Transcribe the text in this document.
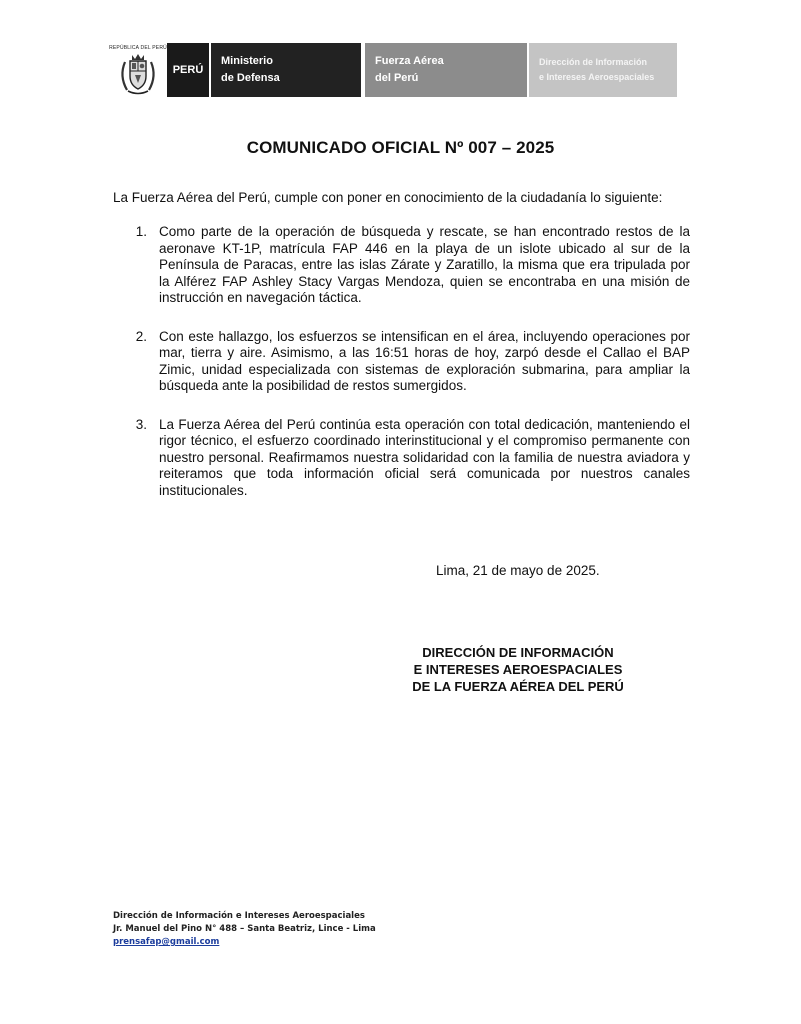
REPÚBLICA DEL PERÚ
PERÚ
Ministerio
de Defensa
Fuerza Aérea
del Perú
Dirección de Información
e Intereses Aeroespaciales
COMUNICADO OFICIAL Nº 007 – 2025
La Fuerza Aérea del Perú, cumple con poner en conocimiento de la ciudadanía lo siguiente:
1. Como parte de la operación de búsqueda y rescate, se han encontrado restos de la aeronave KT-1P, matrícula FAP 446 en la playa de un islote ubicado al sur de la Península de Paracas, entre las islas Zárate y Zaratillo, la misma que era tripulada por la Alférez FAP Ashley Stacy Vargas Mendoza, quien se encontraba en una misión de instrucción en navegación táctica.
2. Con este hallazgo, los esfuerzos se intensifican en el área, incluyendo operaciones por mar, tierra y aire. Asimismo, a las 16:51 horas de hoy, zarpó desde el Callao el BAP Zimic, unidad especializada con sistemas de exploración submarina, para ampliar la búsqueda ante la posibilidad de restos sumergidos.
3. La Fuerza Aérea del Perú continúa esta operación con total dedicación, manteniendo el rigor técnico, el esfuerzo coordinado interinstitucional y el compromiso permanente con nuestro personal. Reafirmamos nuestra solidaridad con la familia de nuestra aviadora y reiteramos que toda información oficial será comunicada por nuestros canales institucionales.
Lima, 21 de mayo de 2025.
DIRECCIÓN DE INFORMACIÓN
E INTERESES AEROESPACIALES
DE LA FUERZA AÉREA DEL PERÚ
Dirección de Información e Intereses Aeroespaciales
Jr. Manuel del Pino N° 488 – Santa Beatriz, Lince - Lima
prensafap@gmail.com
